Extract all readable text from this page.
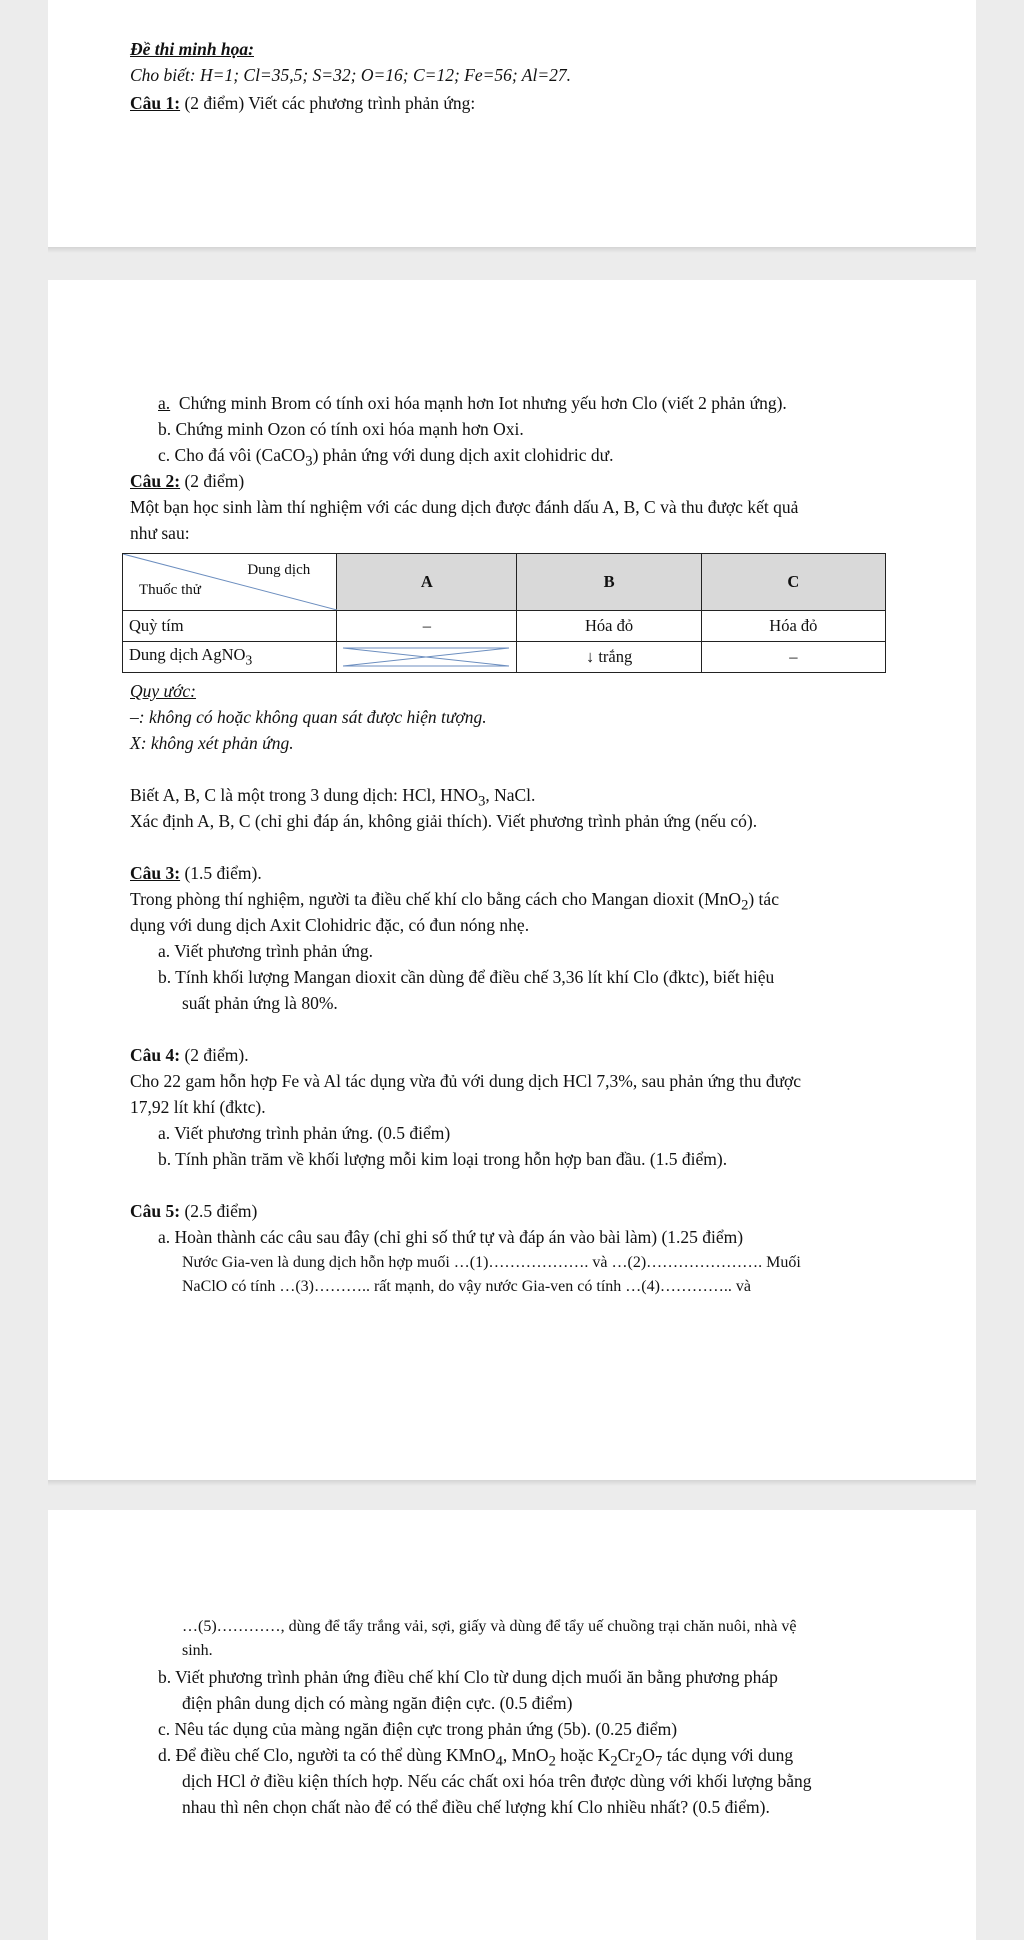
Đề thi minh họa:
Cho biết: H=1; Cl=35,5; S=32; O=16; C=12; Fe=56; Al=27.
Câu 1: (2 điểm) Viết các phương trình phản ứng:
a. Chứng minh Brom có tính oxi hóa mạnh hơn Iot nhưng yếu hơn Clo (viết 2 phản ứng).
b. Chứng minh Ozon có tính oxi hóa mạnh hơn Oxi.
c. Cho đá vôi (CaCO$_3$) phản ứng với dung dịch axit clohidric dư.
Câu 2: (2 điểm)
Một bạn học sinh làm thí nghiệm với các dung dịch được đánh dấu A, B, C và thu được kết quả
như sau:
Dung dịch
Thuốc thử	A	B	C
Quỳ tím	–	Hóa đỏ	Hóa đỏ
Dung dịch AgNO$_3$		↓ trắng	–
Quy ước:
–: không có hoặc không quan sát được hiện tượng.
X: không xét phản ứng.
Biết A, B, C là một trong 3 dung dịch: HCl, $HNO_3$, NaCl.
Xác định A, B, C (chỉ ghi đáp án, không giải thích). Viết phương trình phản ứng (nếu có).
Câu 3: (1.5 điểm).
Trong phòng thí nghiệm, người ta điều chế khí clo bằng cách cho Mangan dioxit (MnO$_2$) tác
dụng với dung dịch Axit Clohidric đặc, có đun nóng nhẹ.
a. Viết phương trình phản ứng.
b. Tính khối lượng Mangan dioxit cần dùng để điều chế 3,36 lít khí Clo (đktc), biết hiệu
suất phản ứng là 80%.
Câu 4: (2 điểm).
Cho 22 gam hỗn hợp Fe và Al tác dụng vừa đủ với dung dịch HCl 7,3%, sau phản ứng thu được
17,92 lít khí (đktc).
a. Viết phương trình phản ứng. (0.5 điểm)
b. Tính phần trăm về khối lượng mỗi kim loại trong hỗn hợp ban đầu. (1.5 điểm).
Câu 5: (2.5 điểm)
a. Hoàn thành các câu sau đây (chỉ ghi số thứ tự và đáp án vào bài làm) (1.25 điểm)
Nước Gia-ven là dung dịch hỗn hợp muối …(1)………………. và …(2)…………………. Muối
NaClO có tính …(3)……….. rất mạnh, do vậy nước Gia-ven có tính …(4)………….. và
…(5)…………, dùng để tẩy trắng vải, sợi, giấy và dùng để tẩy uế chuồng trại chăn nuôi, nhà vệ
sinh.
b. Viết phương trình phản ứng điều chế khí Clo từ dung dịch muối ăn bằng phương pháp
điện phân dung dịch có màng ngăn điện cực. (0.5 điểm)
c. Nêu tác dụng của màng ngăn điện cực trong phản ứng (5b). (0.25 điểm)
d. Để điều chế Clo, người ta có thể dùng KMnO$_4$, MnO$_2$ hoặc $K_2Cr_2O_7$ tác dụng với dung
dịch HCl ở điều kiện thích hợp. Nếu các chất oxi hóa trên được dùng với khối lượng bằng
nhau thì nên chọn chất nào để có thể điều chế lượng khí Clo nhiều nhất? (0.5 điểm).
